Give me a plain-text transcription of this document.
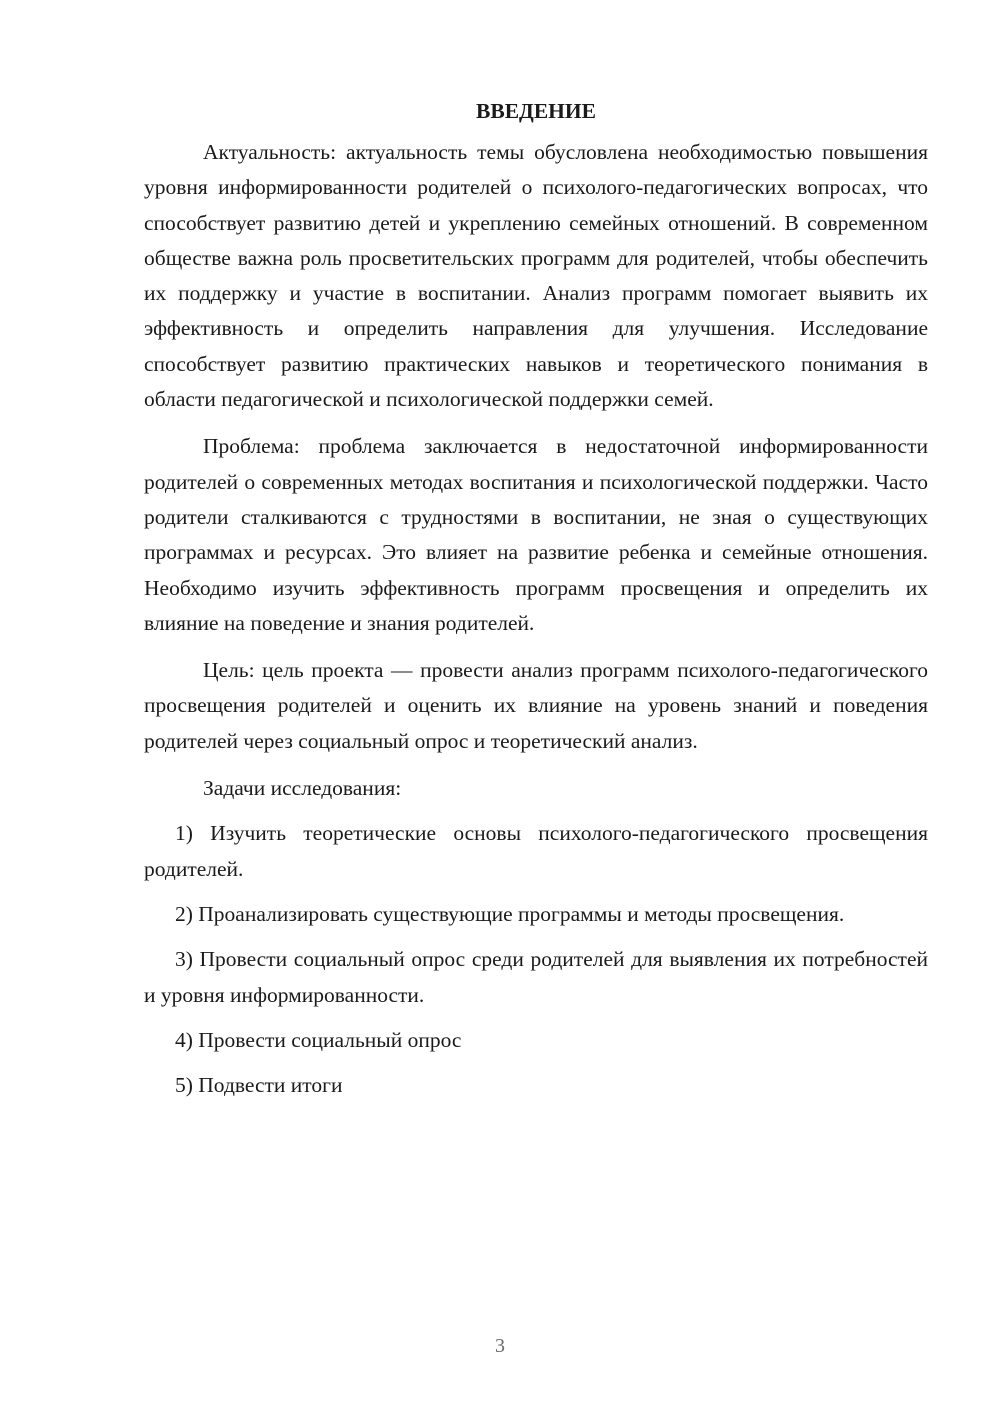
ВВЕДЕНИЕ

Актуальность: актуальность темы обусловлена необходимостью повышения уровня информированности родителей о психолого-педагогических вопросах, что способствует развитию детей и укреплению семейных отношений. В современном обществе важна роль просветительских программ для родителей, чтобы обеспечить их поддержку и участие в воспитании. Анализ программ помогает выявить их эффективность и определить направления для улучшения. Исследование способствует развитию практических навыков и теоретического понимания в области педагогической и психологической поддержки семей.

Проблема: проблема заключается в недостаточной информированности родителей о современных методах воспитания и психологической поддержки. Часто родители сталкиваются с трудностями в воспитании, не зная о существующих программах и ресурсах. Это влияет на развитие ребенка и семейные отношения. Необходимо изучить эффективность программ просвещения и определить их влияние на поведение и знания родителей.

Цель: цель проекта — провести анализ программ психолого-педагогического просвещения родителей и оценить их влияние на уровень знаний и поведения родителей через социальный опрос и теоретический анализ.

Задачи исследования:

1) Изучить теоретические основы психолого-педагогического просвещения родителей.

2) Проанализировать существующие программы и методы просвещения.

3) Провести социальный опрос среди родителей для выявления их потребностей и уровня информированности.

4) Провести социальный опрос

5) Подвести итоги

3
